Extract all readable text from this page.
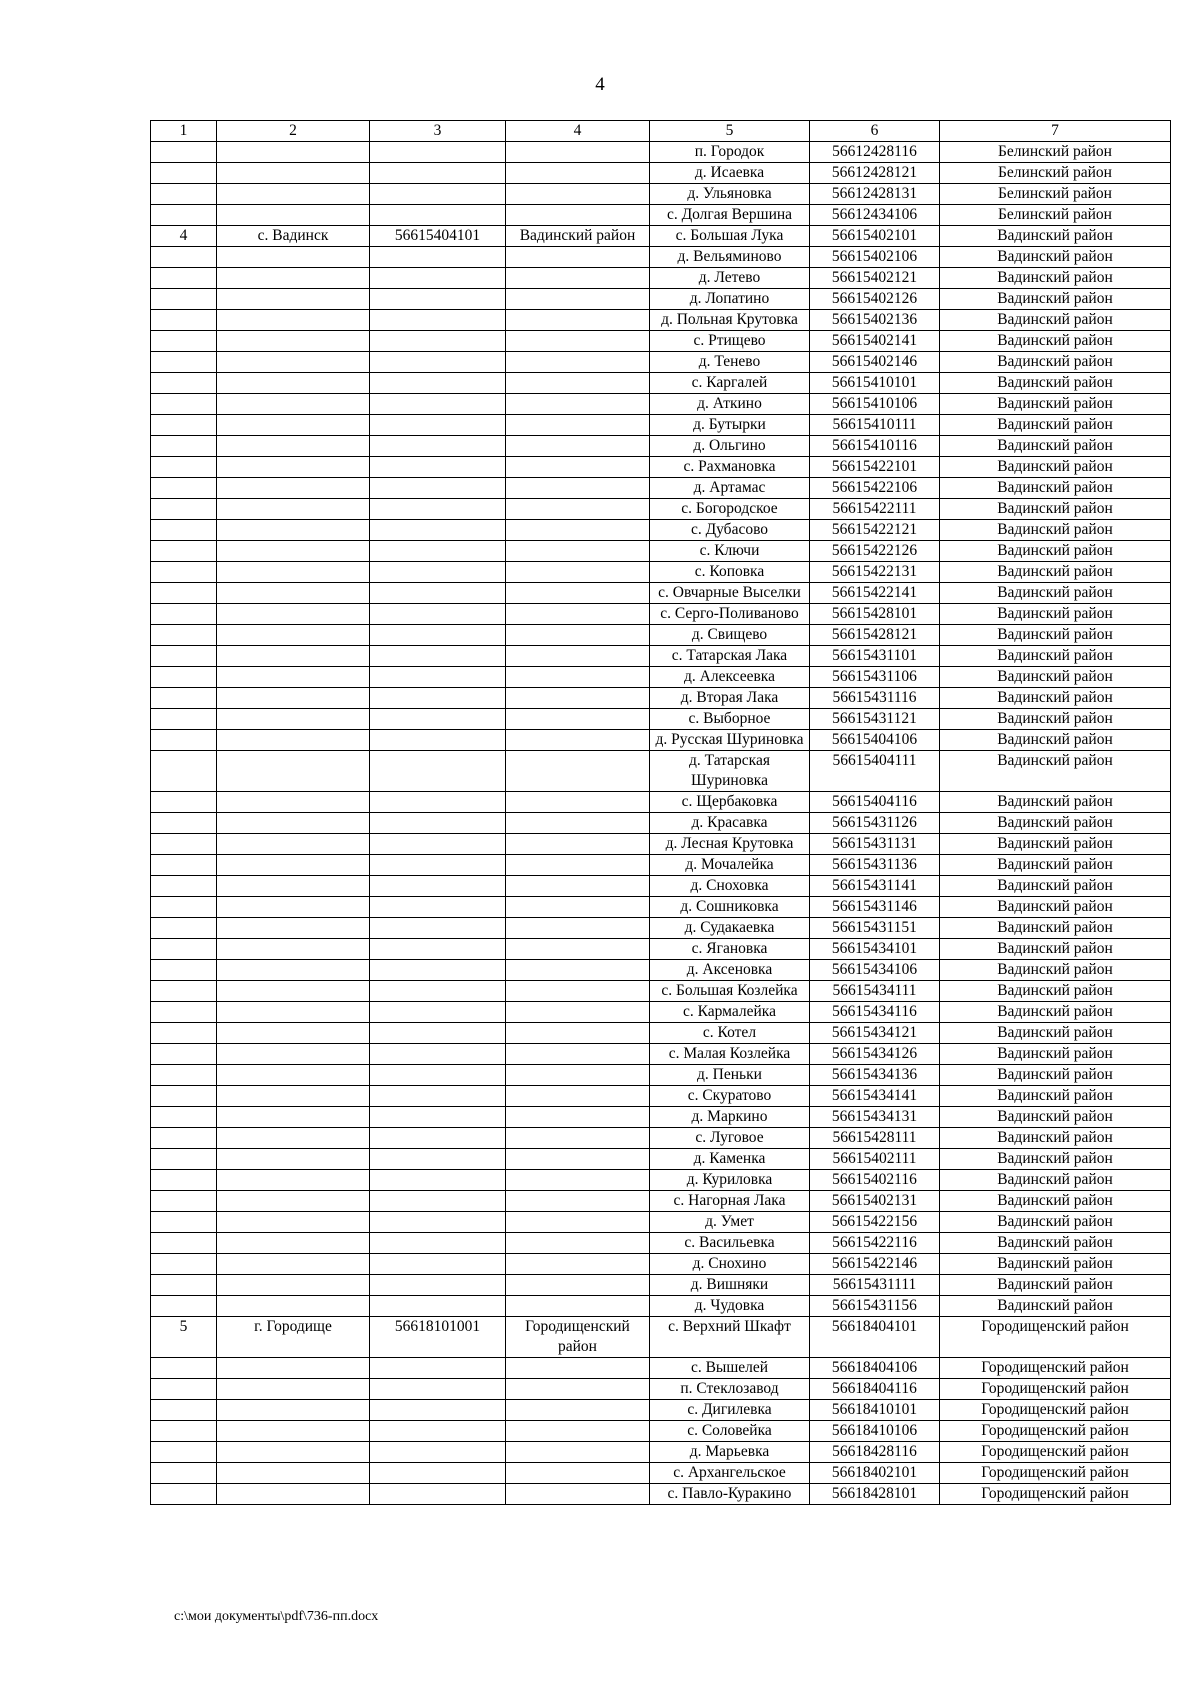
4
1	2	3	4	5	6	7
				п. Городок	56612428116	Белинский район
				д. Исаевка	56612428121	Белинский район
				д. Ульяновка	56612428131	Белинский район
				с. Долгая Вершина	56612434106	Белинский район
4	с. Вадинск	56615404101	Вадинский район	с. Большая Лука	56615402101	Вадинский район
				д. Вельяминово	56615402106	Вадинский район
				д. Летево	56615402121	Вадинский район
				д. Лопатино	56615402126	Вадинский район
				д. Польная Крутовка	56615402136	Вадинский район
				с. Ртищево	56615402141	Вадинский район
				д. Тенево	56615402146	Вадинский район
				с. Каргалей	56615410101	Вадинский район
				д. Аткино	56615410106	Вадинский район
				д. Бутырки	56615410111	Вадинский район
				д. Ольгино	56615410116	Вадинский район
				с. Рахмановка	56615422101	Вадинский район
				д. Артамас	56615422106	Вадинский район
				с. Богородское	56615422111	Вадинский район
				с. Дубасово	56615422121	Вадинский район
				с. Ключи	56615422126	Вадинский район
				с. Коповка	56615422131	Вадинский район
				с. Овчарные Выселки	56615422141	Вадинский район
				с. Серго-Поливаново	56615428101	Вадинский район
				д. Свищево	56615428121	Вадинский район
				с. Татарская Лака	56615431101	Вадинский район
				д. Алексеевка	56615431106	Вадинский район
				д. Вторая Лака	56615431116	Вадинский район
				с. Выборное	56615431121	Вадинский район
				д. Русская Шуриновка	56615404106	Вадинский район
				д. Татарская Шуриновка	56615404111	Вадинский район
				с. Щербаковка	56615404116	Вадинский район
				д. Красавка	56615431126	Вадинский район
				д. Лесная Крутовка	56615431131	Вадинский район
				д. Мочалейка	56615431136	Вадинский район
				д. Сноховка	56615431141	Вадинский район
				д. Сошниковка	56615431146	Вадинский район
				д. Судакаевка	56615431151	Вадинский район
				с. Ягановка	56615434101	Вадинский район
				д. Аксеновка	56615434106	Вадинский район
				с. Большая Козлейка	56615434111	Вадинский район
				с. Кармалейка	56615434116	Вадинский район
				с. Котел	56615434121	Вадинский район
				с. Малая Козлейка	56615434126	Вадинский район
				д. Пеньки	56615434136	Вадинский район
				с. Скуратово	56615434141	Вадинский район
				д. Маркино	56615434131	Вадинский район
				с. Луговое	56615428111	Вадинский район
				д. Каменка	56615402111	Вадинский район
				д. Куриловка	56615402116	Вадинский район
				с. Нагорная Лака	56615402131	Вадинский район
				д. Умет	56615422156	Вадинский район
				с. Васильевка	56615422116	Вадинский район
				д. Снохино	56615422146	Вадинский район
				д. Вишняки	56615431111	Вадинский район
				д. Чудовка	56615431156	Вадинский район
5	г. Городище	56618101001	Городищенский район	с. Верхний Шкафт	56618404101	Городищенский район
				с. Вышелей	56618404106	Городищенский район
				п. Стеклозавод	56618404116	Городищенский район
				с. Дигилевка	56618410101	Городищенский район
				с. Соловейка	56618410106	Городищенский район
				д. Марьевка	56618428116	Городищенский район
				с. Архангельское	56618402101	Городищенский район
				с. Павло-Куракино	56618428101	Городищенский район
c:\мои документы\pdf\736-пп.docx
